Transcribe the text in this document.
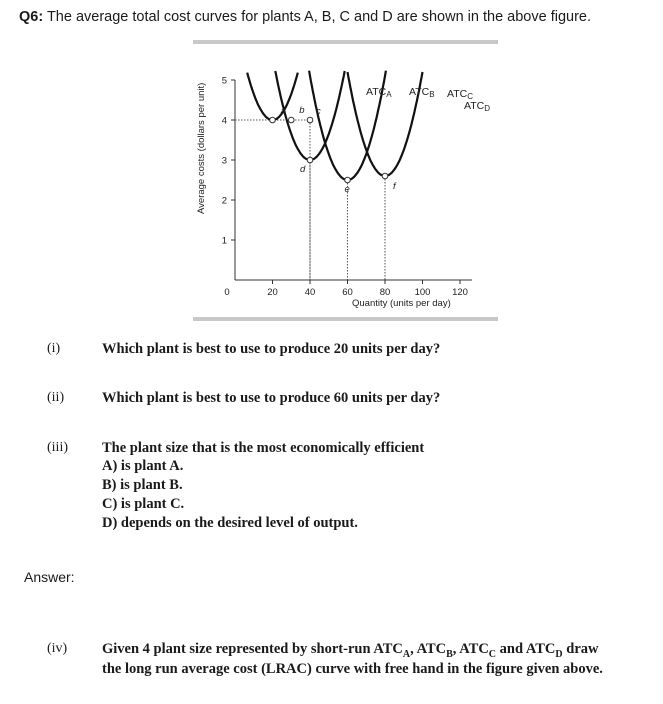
Q6: The average total cost curves for plants A, B, C and D are shown in the above figure.
0	20	40	60	80	100 120
1
2
3
4
5
a b c
d
e	f
Average costs (dollars per unit)
Quantity (units per day)
ATCA ATCB ATCC
ATCD
(i)	Which plant is best to use to produce 20 units per day?
(ii)	Which plant is best to use to produce 60 units per day?
(iii) The plant size that is the most economically efficient
A) is plant A.
B) is plant B.
C) is plant C.
D) depends on the desired level of output.
Answer:
(iv) Given 4 plant size represented by short-run $ATC_A$, $ATC_B$, $ATC_C$ and $ATC_D$ draw
the long run average cost (LRAC) curve with free hand in the figure given above.
